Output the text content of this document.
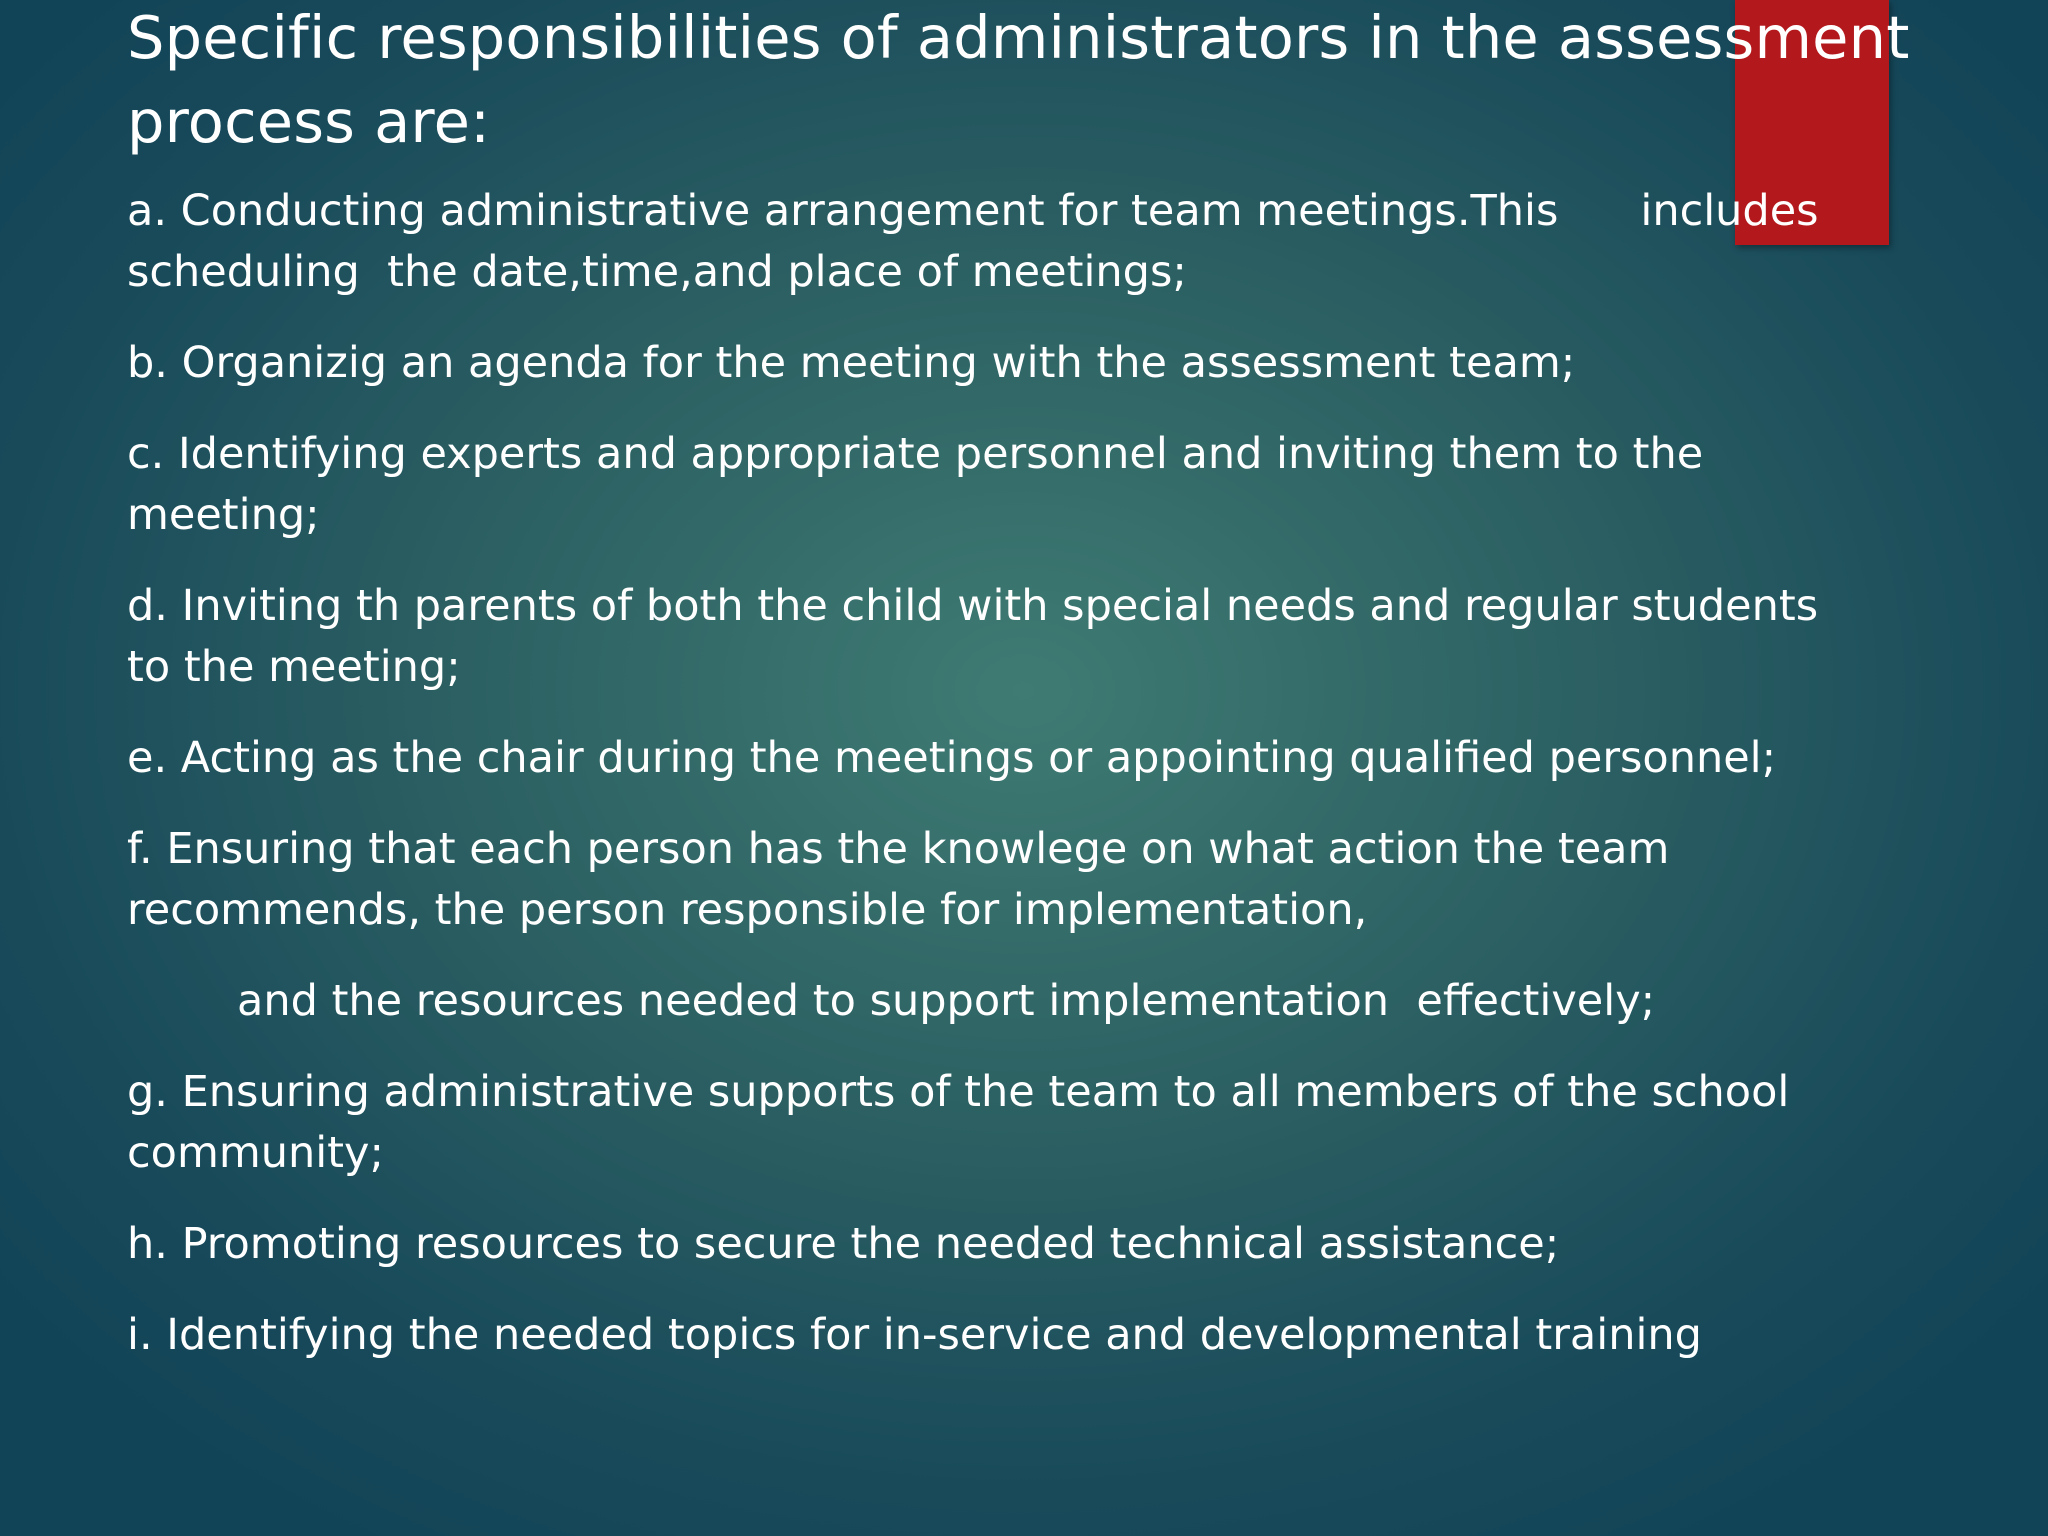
Specific responsibilities of administrators in the assessment
process are:
a. Conducting administrative arrangement for team meetings.This      includes
scheduling  the date,time,and place of meetings;
b. Organizig an agenda for the meeting with the assessment team;
c. Identifying experts and appropriate personnel and inviting them to the
meeting;
d. Inviting th parents of both the child with special needs and regular students
to the meeting;
e. Acting as the chair during the meetings or appointing qualified personnel;
f. Ensuring that each person has the knowlege on what action the team
recommends, the person responsible for implementation,
and the resources needed to support implementation  effectively;
g. Ensuring administrative supports of the team to all members of the school
community;
h. Promoting resources to secure the needed technical assistance;
i. Identifying the needed topics for in-service and developmental training
